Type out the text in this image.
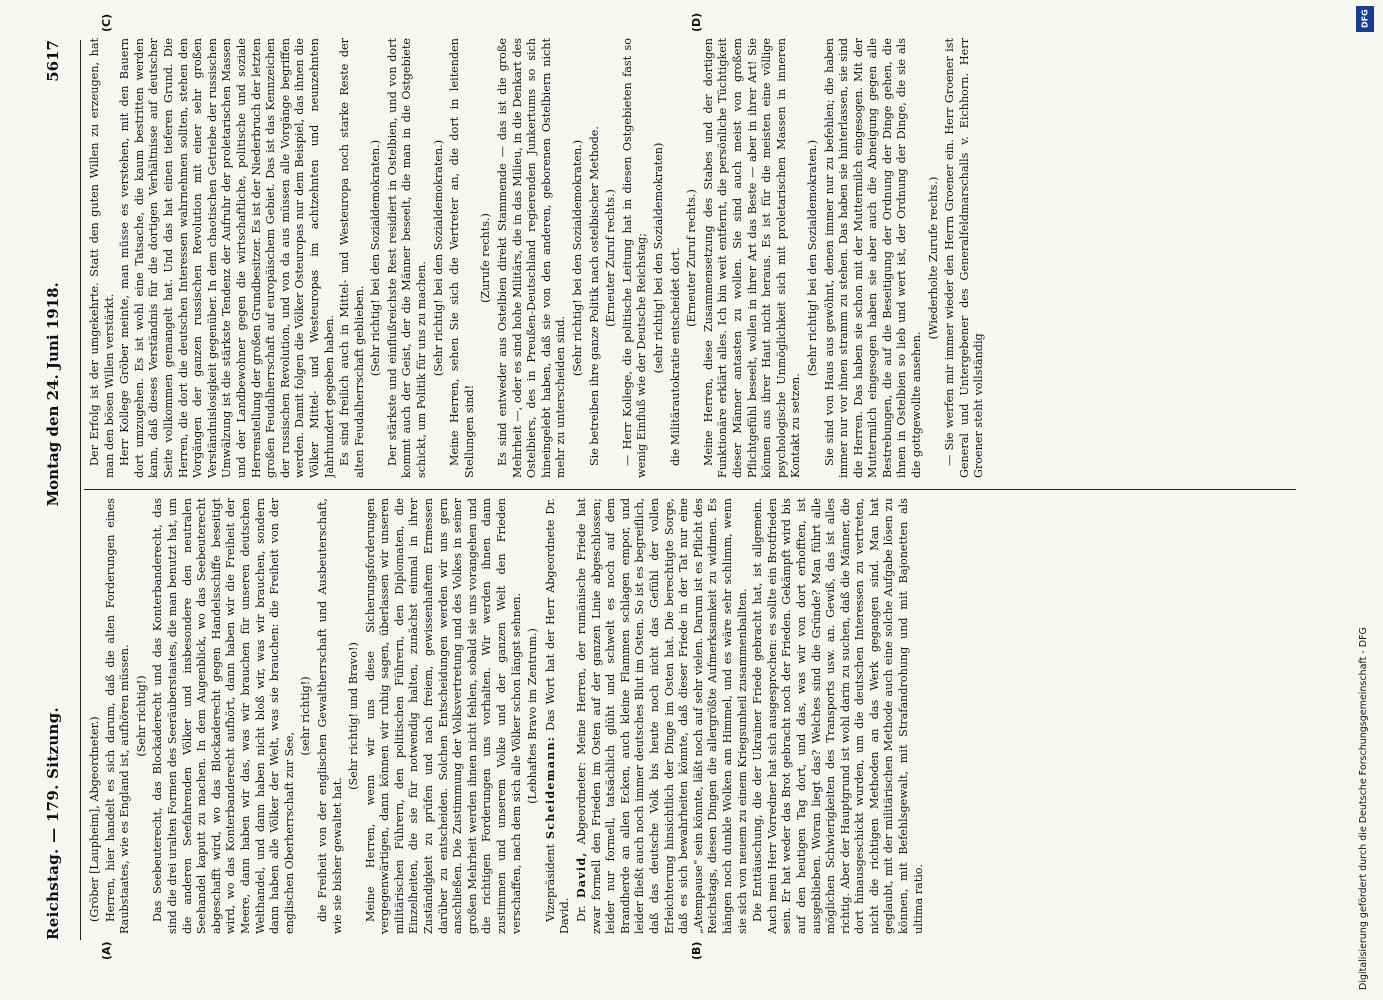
Reichstag. — 179. Sitzung.
Montag den 24. Juni 1918.
5617
(A)	(B)
(C)	(D)

(Gröber [Laupheim], Abgeordneter.) Herren, hier handelt es sich darum, daß die alten Forderungen eines Raubstaates, wie es England ist, aufhören müssen. (Sehr richtig!) Das Seebeuterecht, das Blockaderecht und das Konterbanderecht, das sind die drei uralten Formen des Seeräuberstaates, die man benutzt hat, um die anderen Seefahrenden Völker und insbesondere den neutralen Seehandel kaputt zu machen. In dem Augenblick, wo das Seebeuterecht abgeschafft wird, wo das Blockaderecht gegen Handelsschiffe beseitigt wird, wo das Konterbanderecht aufhört, dann haben wir die Freiheit der Meere, dann haben wir das, was wir brauchen für unseren deutschen Welthandel, und dann haben nicht bloß wir, was wir brauchen, sondern dann haben alle Völker der Welt, was sie brauchen: die Freiheit von der englischen Oberherrschaft zur See,

(sehr richtig!) die Freiheit von der englischen Gewaltherrschaft und Ausbeuterschaft, wie sie bisher gewaltet hat.

(Sehr richtig! und Bravo!) Meine Herren, wenn wir uns diese Sicherungsforderungen vergegenwärtigen, dann können wir ruhig sagen, überlassen wir unseren militärischen Führern, den politischen Führern, den Diplomaten, die Einzelheiten, die sie für notwendig halten, zunächst einmal in ihrer Zuständigkeit zu prüfen und nach freiem, gewissenhaftem Ermessen darüber zu entscheiden. Solchen Entscheidungen werden wir uns gern anschließen. Die Zustimmung der Volksvertretung und des Volkes in seiner großen Mehrheit werden ihnen nicht fehlen, sobald sie uns vorangehen und die richtigen Forderungen uns vorhalten. Wir werden ihnen dann zustimmen und unserem Volke und der ganzen Welt den Frieden verschaffen, nach dem sich alle Völker schon längst sehnen. (Lebhaftes Bravo im Zentrum.)

Vizepräsident Scheidemann: Das Wort hat der Herr Abgeordnete Dr. David. Dr. David, Abgeordneter: Meine Herren, der rumänische Friede hat zwar formell den Frieden im Osten auf der ganzen Linie abgeschlossen; leider nur formell, tatsächlich glüht und schwelt es noch auf dem Brandherde an allen Ecken, auch kleine Flammen schlagen empor, und leider fließt auch noch immer deutsches Blut im Osten. So ist es begreiflich, daß das deutsche Volk bis heute noch nicht das Gefühl der vollen Erleichterung hinsichtlich der Dinge im Osten hat. Die berechtigte Sorge, daß es sich bewahrheiten könnte, daß dieser Friede in der Tat nur eine „Atempause“ sein könnte, läßt noch auf sehr vielen. Darum ist es Pflicht des Reichstags, diesen Dingen die allergrößte Aufmerksamkeit zu widmen. Es hängen noch dunkle Wolken am Himmel, und es wäre sehr schlimm, wenn sie sich von neuem zu einem Kriegsunheil zusammenballten. Die Enttäuschung, die der Ukrainer Friede gebracht hat, ist allgemein. Auch mein Herr Vorredner hat sich ausgesprochen: es sollte ein Brotfrieden sein. Er hat weder das Brot gebracht noch der Frieden. Gekämpft wird bis auf den heutigen Tag dort, und das, was wir von dort erhofften, ist ausgeblieben. Woran liegt das? Welches sind die Gründe? Man führt alle möglichen Schwierigkeiten des Transports usw. an. Gewiß, das ist alles richtig. Aber der Hauptgrund ist wohl darin zu suchen, daß die Männer, die dort hinausgeschickt wurden, um die deutschen Interessen zu vertreten, nicht die richtigen Methoden an das Werk gegangen sind. Man hat geglaubt, mit der militärischen Methode auch eine solche Aufgabe lösen zu können, mit Befehlsgewalt, mit Strafandrohung und mit Bajonetten als ultima ratio.

Der Erfolg ist der umgekehrte. Statt den guten Willen zu erzeugen, hat man den bösen Willen verstärkt. Herr Kollege Gröber meinte, man müsse es verstehen, mit den Bauern dort umzugehen. Es ist wohl eine Tatsache, die kaum bestritten werden kann, daß dieses Verständnis für die dortigen Verhältnisse auf deutscher Seite vollkommen gemangelt hat. Und das hat einen tieferen Grund. Die Herren, die dort die deutschen Interessen wahrnehmen sollten, stehen den Vorgängen der ganzen russischen Revolution mit einer sehr großen Verständnislosigkeit gegenüber. In dem chaotischen Getriebe der russischen Umwälzung ist die stärkste Tendenz der Aufruhr der proletarischen Massen und der Landbewohner gegen die wirtschaftliche, politische und soziale Herrenstellung der großen Grundbesitzer. Es ist der Niederbruch der letzten großen Feudalherrschaft auf europäischem Gebiet. Das ist das Kennzeichen der russischen Revolution, und von da aus müssen alle Vorgänge begriffen werden. Damit folgen die Völker Osteuropas nur dem Beispiel, das ihnen die Völker Mittel- und Westeuropas im achtzehnten und neunzehnten Jahrhundert gegeben haben. Es sind freilich auch in Mittel- und Westeuropa noch starke Reste der alten Feudalherrschaft geblieben.

(Sehr richtig! bei den Sozialdemokraten.) Der stärkste und einflußreichste Rest residiert in Ostelbien, und von dort kommt auch der Geist, der die Männer beseelt, die man in die Ostgebiete schickt, um Politik für uns zu machen. (Sehr richtig! bei den Sozialdemokraten.) Meine Herren, sehen Sie sich die Vertreter an, die dort in leitenden Stellungen sind!

(Zurufe rechts.) Es sind entweder aus Ostelbien direkt Stammende — das ist die große Mehrheit —, oder es sind hohe Militärs, die in das Milieu, in die Denkart des Ostelbiers, des in Preußen-Deutschland regierenden Junkertums so sich hineingelebt haben, daß sie von den anderen, geborenen Ostelbiern nicht mehr zu unterscheiden sind.

(Sehr richtig! bei den Sozialdemokraten.) Sie betreiben ihre ganze Politik nach ostelbischer Methode. (Erneuter Zuruf rechts.) — Herr Kollege, die politische Leitung hat in diesen Ostgebieten fast so wenig Einfluß wie der Deutsche Reichstag; (sehr richtig! bei den Sozialdemokraten) die Militärautokratie entscheidet dort. (Erneuter Zuruf rechts.) Meine Herren, diese Zusammensetzung des Stabes und der dortigen Funktionäre erklärt alles. Ich bin weit entfernt, die persönliche Tüchtigkeit dieser Männer antasten zu wollen. Sie sind auch meist von großem Pflichtgefühl beseelt, wollen in ihrer Art das Beste — aber in ihrer Art! Sie können aus ihrer Haut nicht heraus. Es ist für die meisten eine völlige psychologische Unmöglichkeit sich mit proletarischen Massen in inneren Kontakt zu setzen.

(Sehr richtig! bei den Sozialdemokraten.) Sie sind von Haus aus gewöhnt, denen immer nur zu befehlen; die haben immer nur vor ihnen stramm zu stehen. Das haben sie hinterlassen, sie sind die Herren. Das haben sie schon mit der Muttermilch eingesogen. Mit der Muttermilch eingesogen haben sie aber auch die Abneigung gegen alle Bestrebungen, die auf die Beseitigung der Ordnung der Dinge gehen, die ihnen in Ostelbien so lieb und wert ist, der Ordnung der Dinge, die sie als die gottgewollte ansehen.

(Wiederholte Zurufe rechts.) — Sie werfen mir immer wieder den Herrn Groener ein. Herr Groener ist General und Untergebener des Generalfeldmarschalls v. Eichhorn. Herr Groener steht vollständig

DFG
Digitalisierung gefördert durch die Deutsche Forschungsgemeinschaft - DFG
